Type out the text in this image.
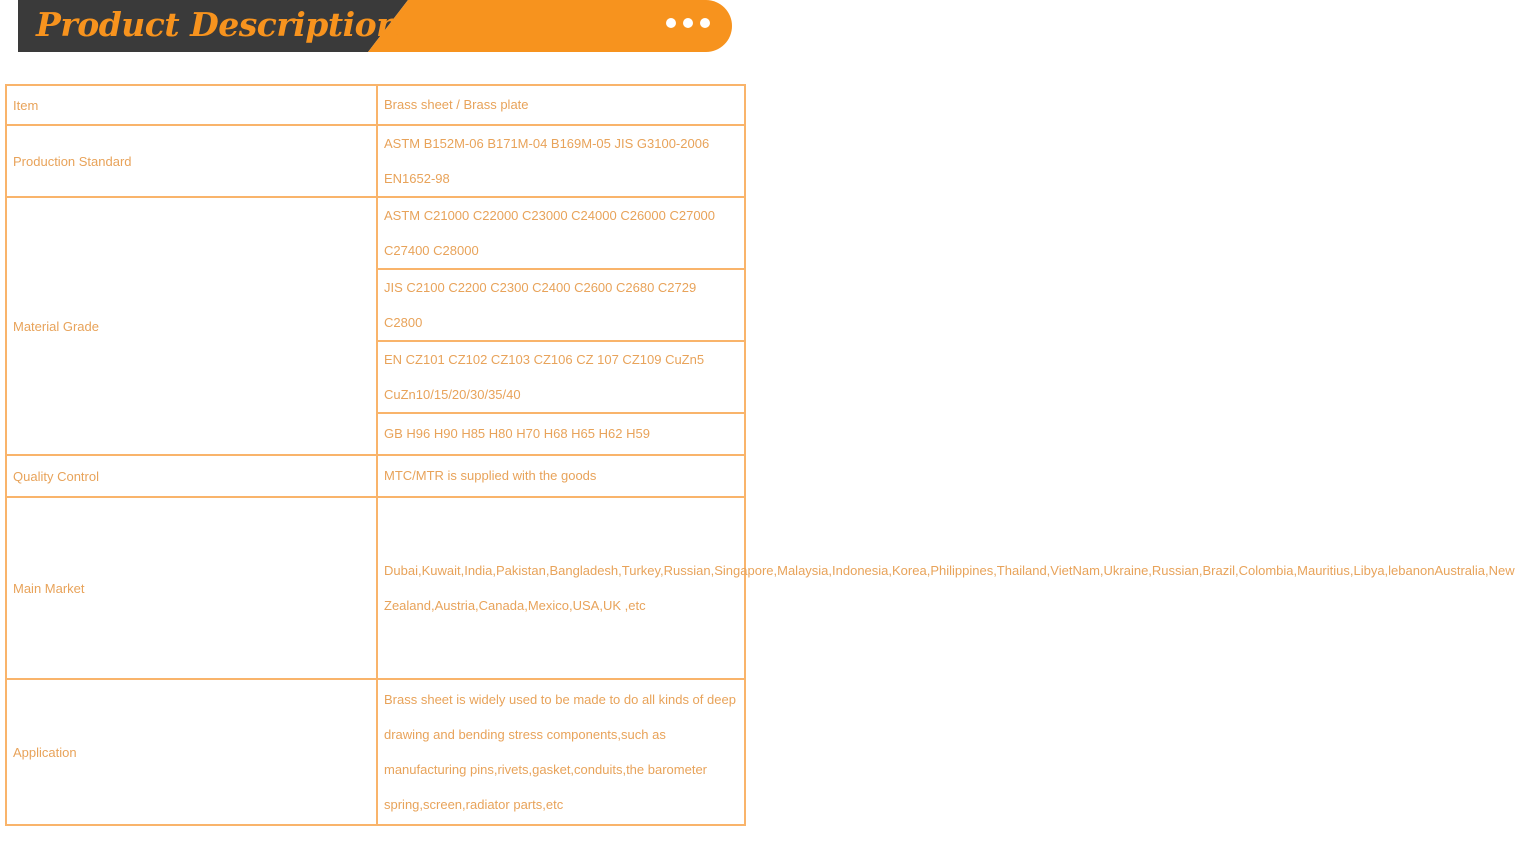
Product Description
Item	Brass sheet / Brass plate
Production Standard	ASTM B152M-06 B171M-04 B169M-05 JIS G3100-2006 EN1652-98
Material Grade	ASTM C21000 C22000 C23000 C24000 C26000 C27000 C27400 C28000
	JIS C2100 C2200 C2300 C2400 C2600 C2680 C2729 C2800
	EN CZ101 CZ102 CZ103 CZ106 CZ 107 CZ109 CuZn5 CuZn10/15/20/30/35/40
	GB H96 H90 H85 H80 H70 H68 H65 H62 H59
Quality Control	MTC/MTR is supplied with the goods
Main Market	Dubai,Kuwait,India,Pakistan,Bangladesh,Turkey,Russian,Singapore,Malaysia,Indonesia,Korea,Philippines,Thailand,VietNam,Ukraine,Russian,Brazil,Colombia,Mauritius,Libya,lebanonAustralia,New Zealand,Austria,Canada,Mexico,USA,UK ,etc
Application	Brass sheet is widely used to be made to do all kinds of deep drawing and bending stress components,such as manufacturing pins,rivets,gasket,conduits,the barometer spring,screen,radiator parts,etc
